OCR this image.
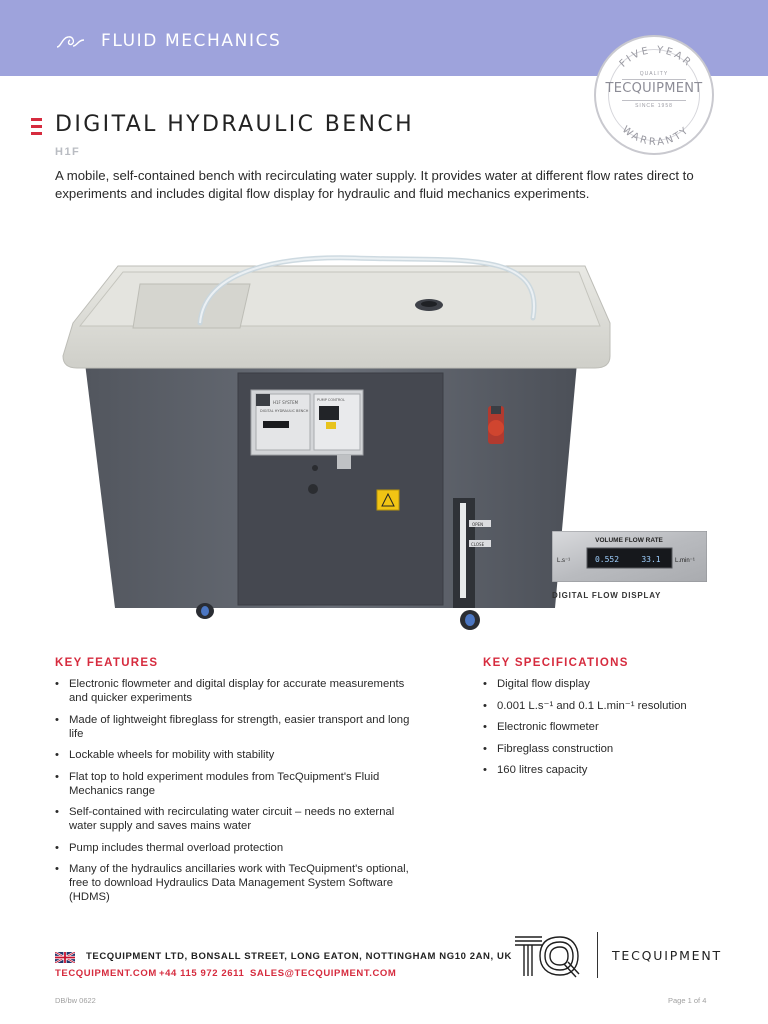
FLUID MECHANICS
FIVE YEAR
WARRANTY
QUALITY
TECQUIPMENT
SINCE 1958
DIGITAL HYDRAULIC BENCH
H1F

A mobile, self-contained bench with recirculating water supply. It provides water at different flow rates direct to experiments and includes digital flow display for hydraulic and fluid mechanics experiments.

H1F SYSTEM
DIGITAL HYDRAULIC BENCH
PUMP CONTROL
OPEN
CLOSE
VOLUME FLOW RATE
0.552	33.1
L.s⁻¹	L.min⁻¹
DIGITAL FLOW DISPLAY
KEY FEATURES
• Electronic flowmeter and digital display for accurate measurements and quicker experiments
• Made of lightweight fibreglass for strength, easier transport and long life
• Lockable wheels for mobility with stability
• Flat top to hold experiment modules from TecQuipment's Fluid Mechanics range
• Self-contained with recirculating water circuit – needs no external water supply and saves mains water
• Pump includes thermal overload protection
• Many of the hydraulics ancillaries work with TecQuipment's optional, free to download Hydraulics Data Management System Software (HDMS)
KEY SPECIFICATIONS
• Digital flow display
• 0.001 L.s⁻¹ and 0.1 L.min⁻¹ resolution
• Electronic flowmeter
• Fibreglass construction
• 160 litres capacity
TECQUIPMENT LTD, BONSALL STREET, LONG EATON, NOTTINGHAM NG10 2AN, UK
TECQUIPMENT.COM +44 115 972 2611 SALES@TECQUIPMENT.COM
TECQUIPMENT
DB/bw 0622	Page 1 of 4
